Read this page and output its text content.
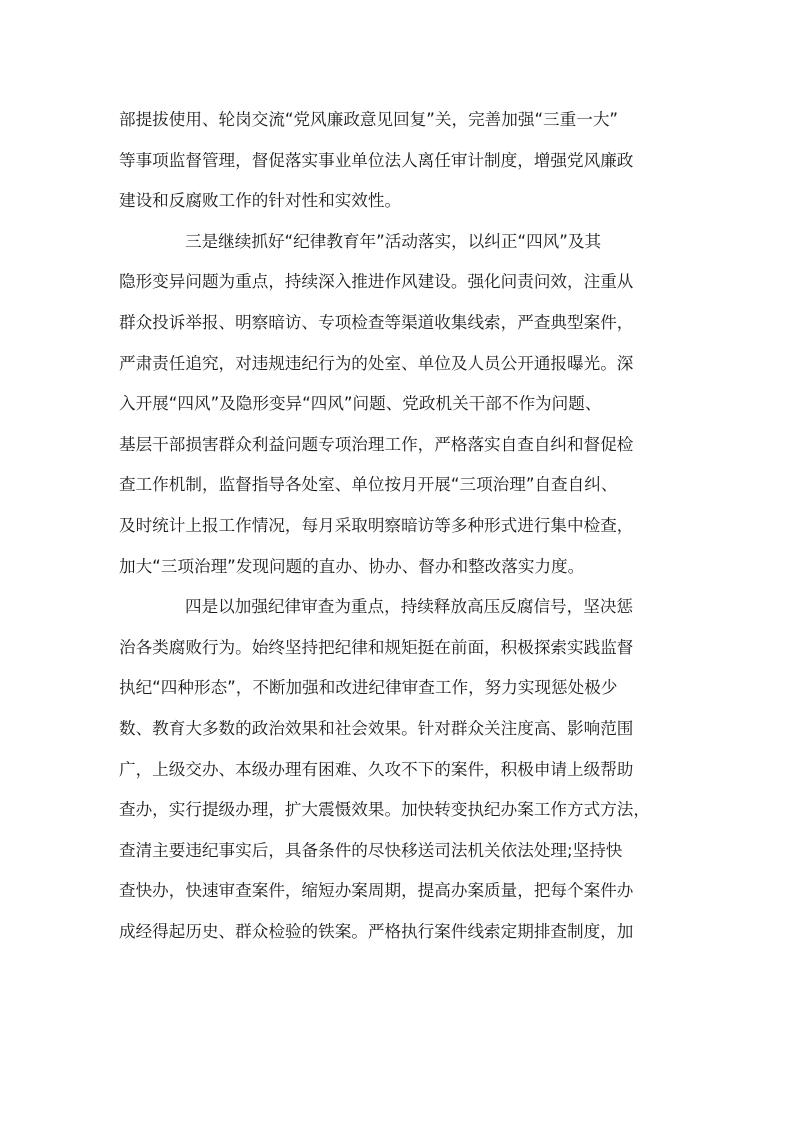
部提拔使用、轮岗交流“党风廉政意见回复”关，完善加强“三重一大”
等事项监督管理，督促落实事业单位法人离任审计制度，增强党风廉政
建设和反腐败工作的针对性和实效性。
三是继续抓好“纪律教育年”活动落实，以纠正“四风”及其
隐形变异问题为重点，持续深入推进作风建设。强化问责问效，注重从
群众投诉举报、明察暗访、专项检查等渠道收集线索，严查典型案件，
严肃责任追究，对违规违纪行为的处室、单位及人员公开通报曝光。深
入开展“四风”及隐形变异“四风”问题、党政机关干部不作为问题、
基层干部损害群众利益问题专项治理工作，严格落实自查自纠和督促检
查工作机制，监督指导各处室、单位按月开展“三项治理”自查自纠、
及时统计上报工作情况，每月采取明察暗访等多种形式进行集中检查，
加大“三项治理”发现问题的直办、协办、督办和整改落实力度。
四是以加强纪律审查为重点，持续释放高压反腐信号，坚决惩
治各类腐败行为。始终坚持把纪律和规矩挺在前面，积极探索实践监督
执纪“四种形态”，不断加强和改进纪律审查工作，努力实现惩处极少
数、教育大多数的政治效果和社会效果。针对群众关注度高、影响范围
广，上级交办、本级办理有困难、久攻不下的案件，积极申请上级帮助
查办，实行提级办理，扩大震慑效果。加快转变执纪办案工作方式方法，
查清主要违纪事实后，具备条件的尽快移送司法机关依法处理;坚持快
查快办，快速审查案件，缩短办案周期，提高办案质量，把每个案件办
成经得起历史、群众检验的铁案。严格执行案件线索定期排查制度，加
